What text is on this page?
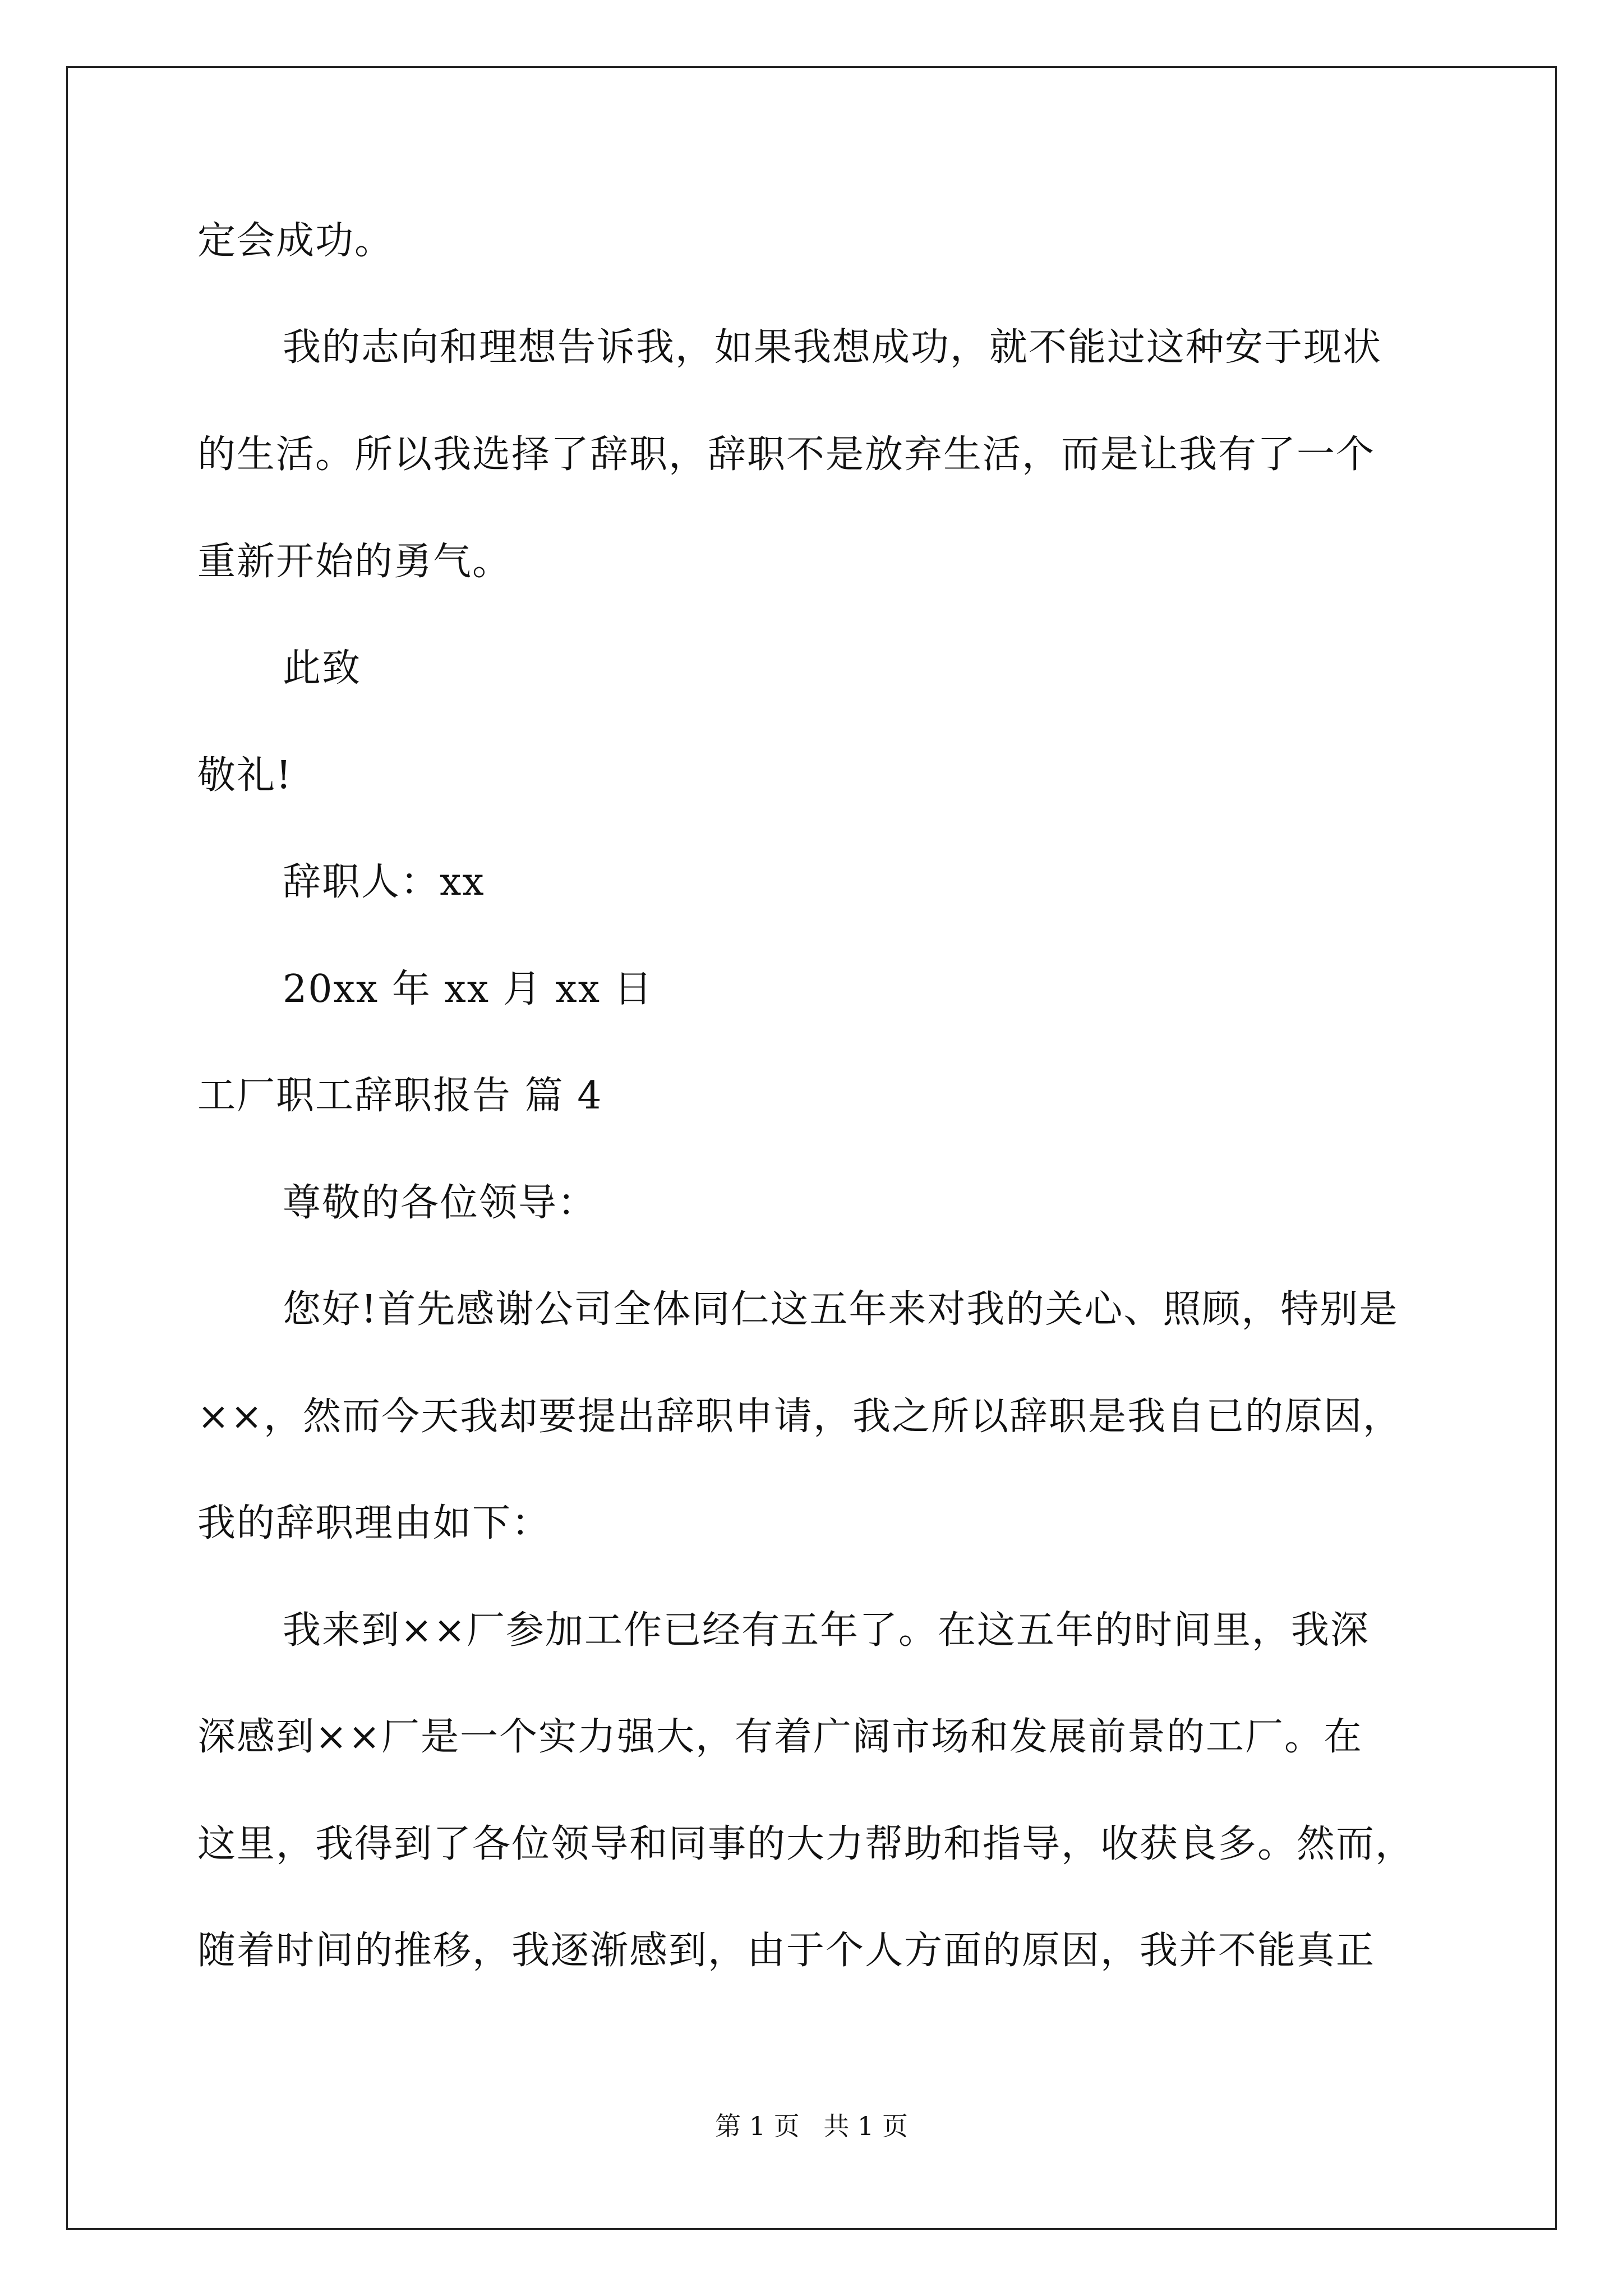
定会成功。
我的志向和理想告诉我，如果我想成功，就不能过这种安于现状
的生活。所以我选择了辞职，辞职不是放弃生活，而是让我有了一个
重新开始的勇气。
此致
敬礼!
辞职人：xx
20xx 年 xx 月 xx 日
工厂职工辞职报告 篇 4
尊敬的各位领导：
您好!首先感谢公司全体同仁这五年来对我的关心、照顾，特别是
××，然而今天我却要提出辞职申请，我之所以辞职是我自已的原因，
我的辞职理由如下：
我来到××厂参加工作已经有五年了。在这五年的时间里，我深
深感到××厂是一个实力强大，有着广阔市场和发展前景的工厂。在
这里，我得到了各位领导和同事的大力帮助和指导，收获良多。然而，
随着时间的推移，我逐渐感到，由于个人方面的原因，我并不能真正
第 1 页 共 1 页
